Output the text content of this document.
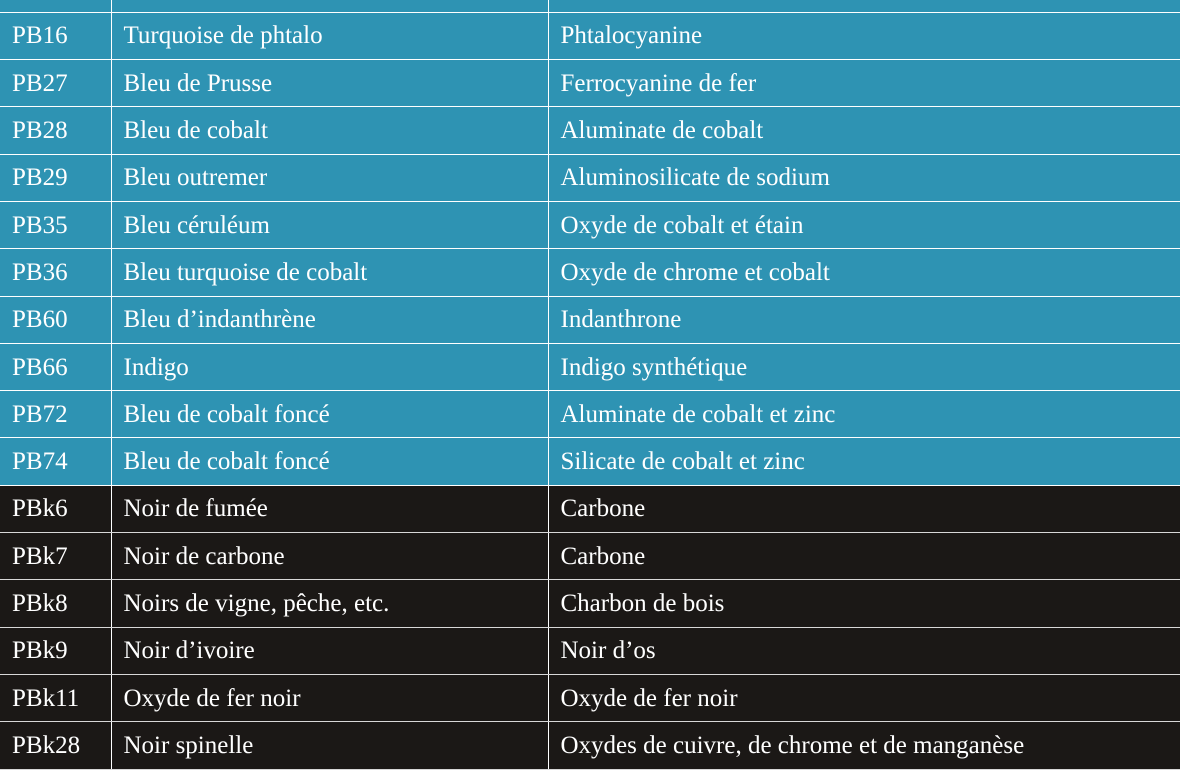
PB16	Turquoise de phtalo	Phtalocyanine
PB27	Bleu de Prusse	Ferrocyanine de fer
PB28	Bleu de cobalt	Aluminate de cobalt
PB29	Bleu outremer	Aluminosilicate de sodium
PB35	Bleu céruléum	Oxyde de cobalt et étain
PB36	Bleu turquoise de cobalt	Oxyde de chrome et cobalt
PB60	Bleu d’indanthrène	Indanthrone
PB66	Indigo	Indigo synthétique
PB72	Bleu de cobalt foncé	Aluminate de cobalt et zinc
PB74	Bleu de cobalt foncé	Silicate de cobalt et zinc
PBk6	Noir de fumée	Carbone
PBk7	Noir de carbone	Carbone
PBk8	Noirs de vigne, pêche, etc.	Charbon de bois
PBk9	Noir d’ivoire	Noir d’os
PBk11	Oxyde de fer noir	Oxyde de fer noir
PBk28	Noir spinelle	Oxydes de cuivre, de chrome et de manganèse
